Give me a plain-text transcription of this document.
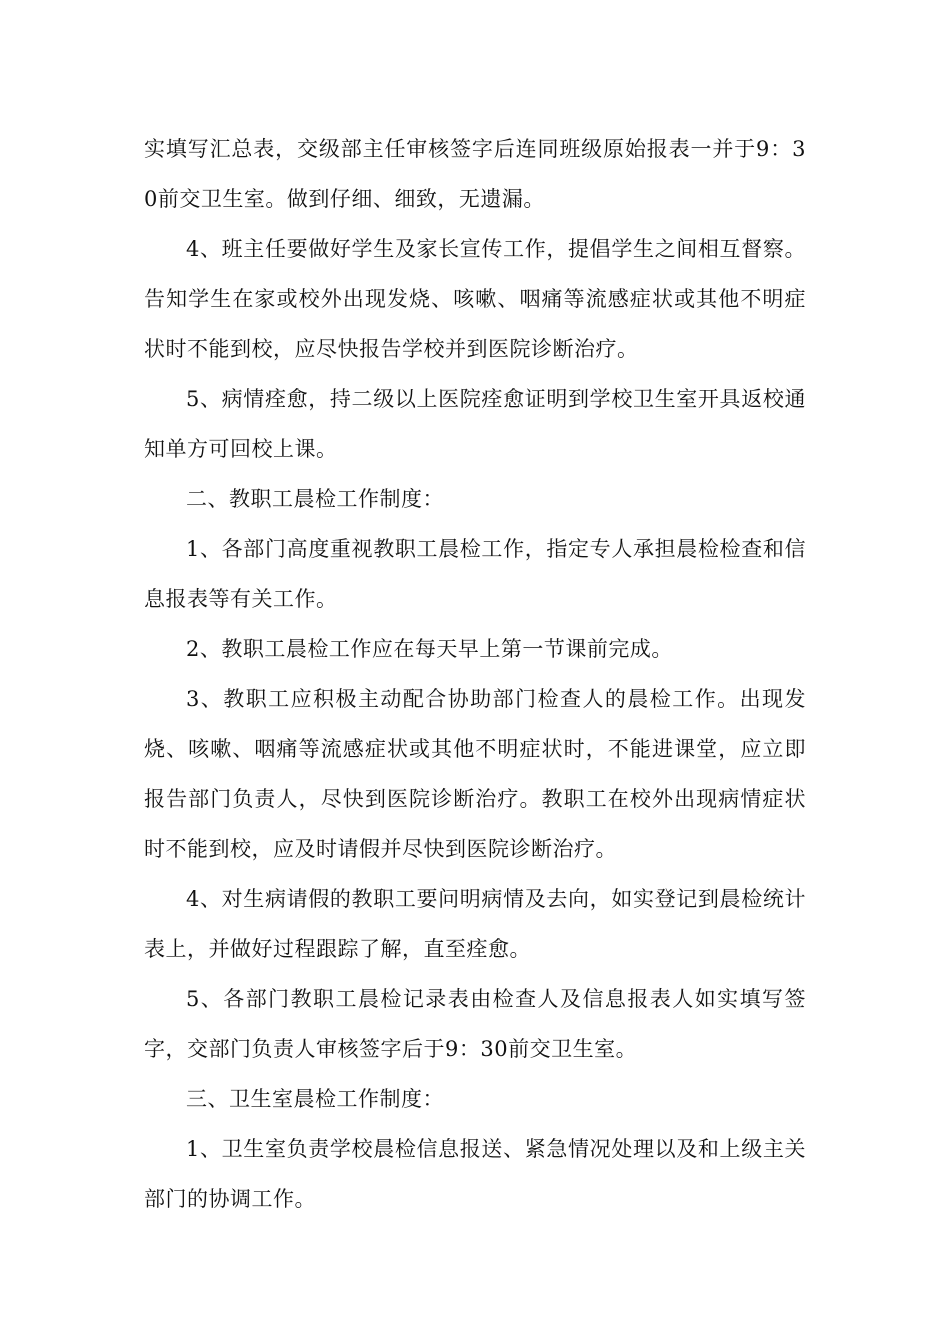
实填写汇总表，交级部主任审核签字后连同班级原始报表一并于9：30前交卫生室。做到仔细、细致，无遗漏。

4、班主任要做好学生及家长宣传工作，提倡学生之间相互督察。告知学生在家或校外出现发烧、咳嗽、咽痛等流感症状或其他不明症状时不能到校，应尽快报告学校并到医院诊断治疗。

5、病情痊愈，持二级以上医院痊愈证明到学校卫生室开具返校通知单方可回校上课。

二、教职工晨检工作制度：

1、各部门高度重视教职工晨检工作，指定专人承担晨检检查和信息报表等有关工作。

2、教职工晨检工作应在每天早上第一节课前完成。

3、教职工应积极主动配合协助部门检查人的晨检工作。出现发烧、咳嗽、咽痛等流感症状或其他不明症状时，不能进课堂，应立即报告部门负责人，尽快到医院诊断治疗。教职工在校外出现病情症状时不能到校，应及时请假并尽快到医院诊断治疗。

4、对生病请假的教职工要问明病情及去向，如实登记到晨检统计表上，并做好过程跟踪了解，直至痊愈。

5、各部门教职工晨检记录表由检查人及信息报表人如实填写签字，交部门负责人审核签字后于9：30前交卫生室。

三、卫生室晨检工作制度：

1、卫生室负责学校晨检信息报送、紧急情况处理以及和上级主关部门的协调工作。
